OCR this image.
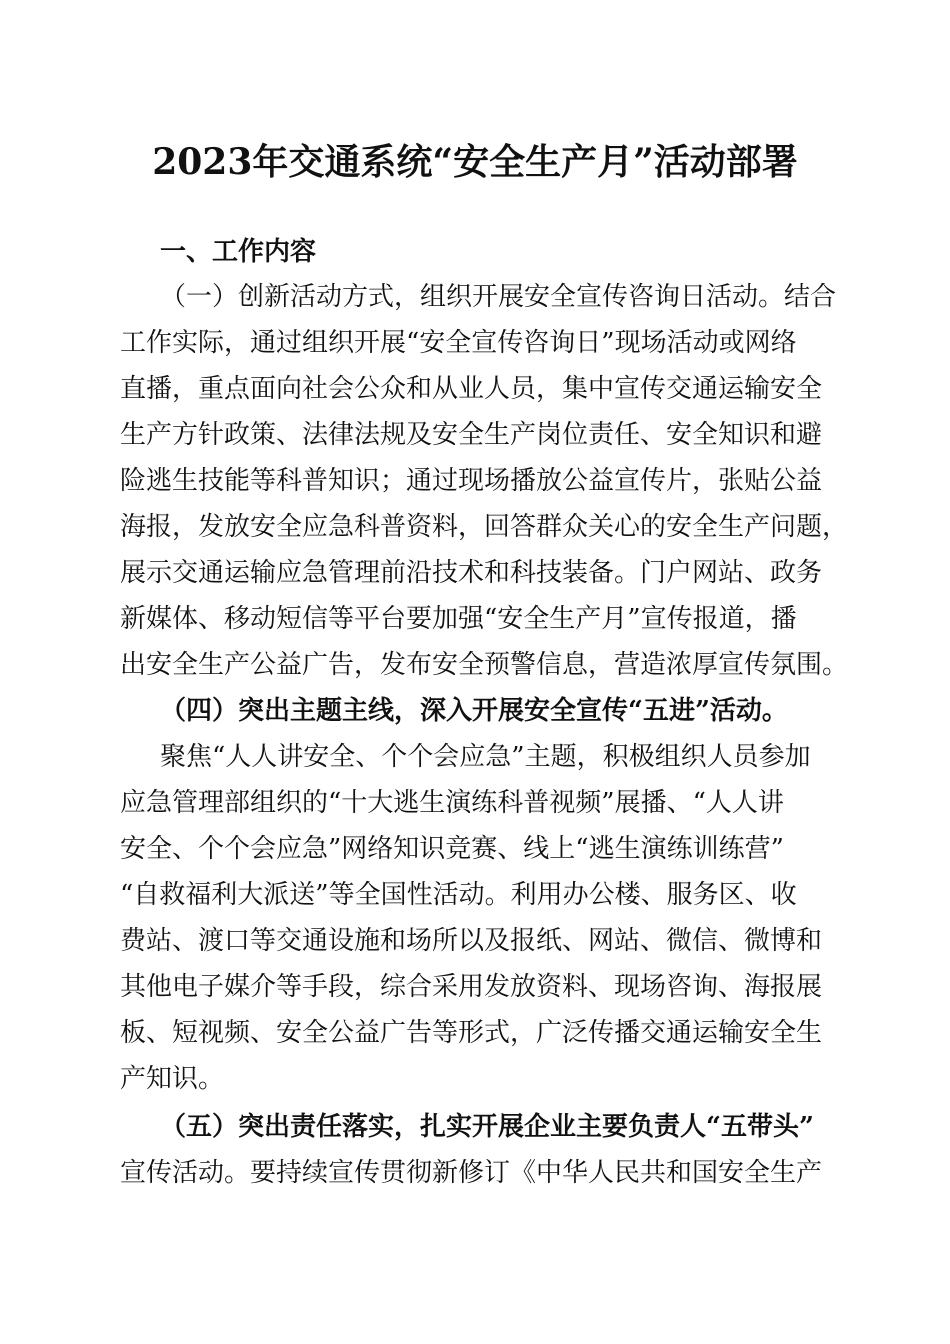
2023年交通系统“安全生产月”活动部署
一、工作内容
（一）创新活动方式，组织开展安全宣传咨询日活动。结合
工作实际，通过组织开展“安全宣传咨询日”现场活动或网络
直播，重点面向社会公众和从业人员，集中宣传交通运输安全
生产方针政策、法律法规及安全生产岗位责任、安全知识和避
险逃生技能等科普知识；通过现场播放公益宣传片，张贴公益
海报，发放安全应急科普资料，回答群众关心的安全生产问题，
展示交通运输应急管理前沿技术和科技装备。门户网站、政务
新媒体、移动短信等平台要加强“安全生产月”宣传报道，播
出安全生产公益广告，发布安全预警信息，营造浓厚宣传氛围。
（四）突出主题主线，深入开展安全宣传“五进”活动。
聚焦“人人讲安全、个个会应急”主题，积极组织人员参加
应急管理部组织的“十大逃生演练科普视频”展播、“人人讲
安全、个个会应急”网络知识竞赛、线上“逃生演练训练营”
“自救福利大派送”等全国性活动。利用办公楼、服务区、收
费站、渡口等交通设施和场所以及报纸、网站、微信、微博和
其他电子媒介等手段，综合采用发放资料、现场咨询、海报展
板、短视频、安全公益广告等形式，广泛传播交通运输安全生
产知识。
（五）突出责任落实，扎实开展企业主要负责人“五带头”
宣传活动。要持续宣传贯彻新修订《中华人民共和国安全生产
